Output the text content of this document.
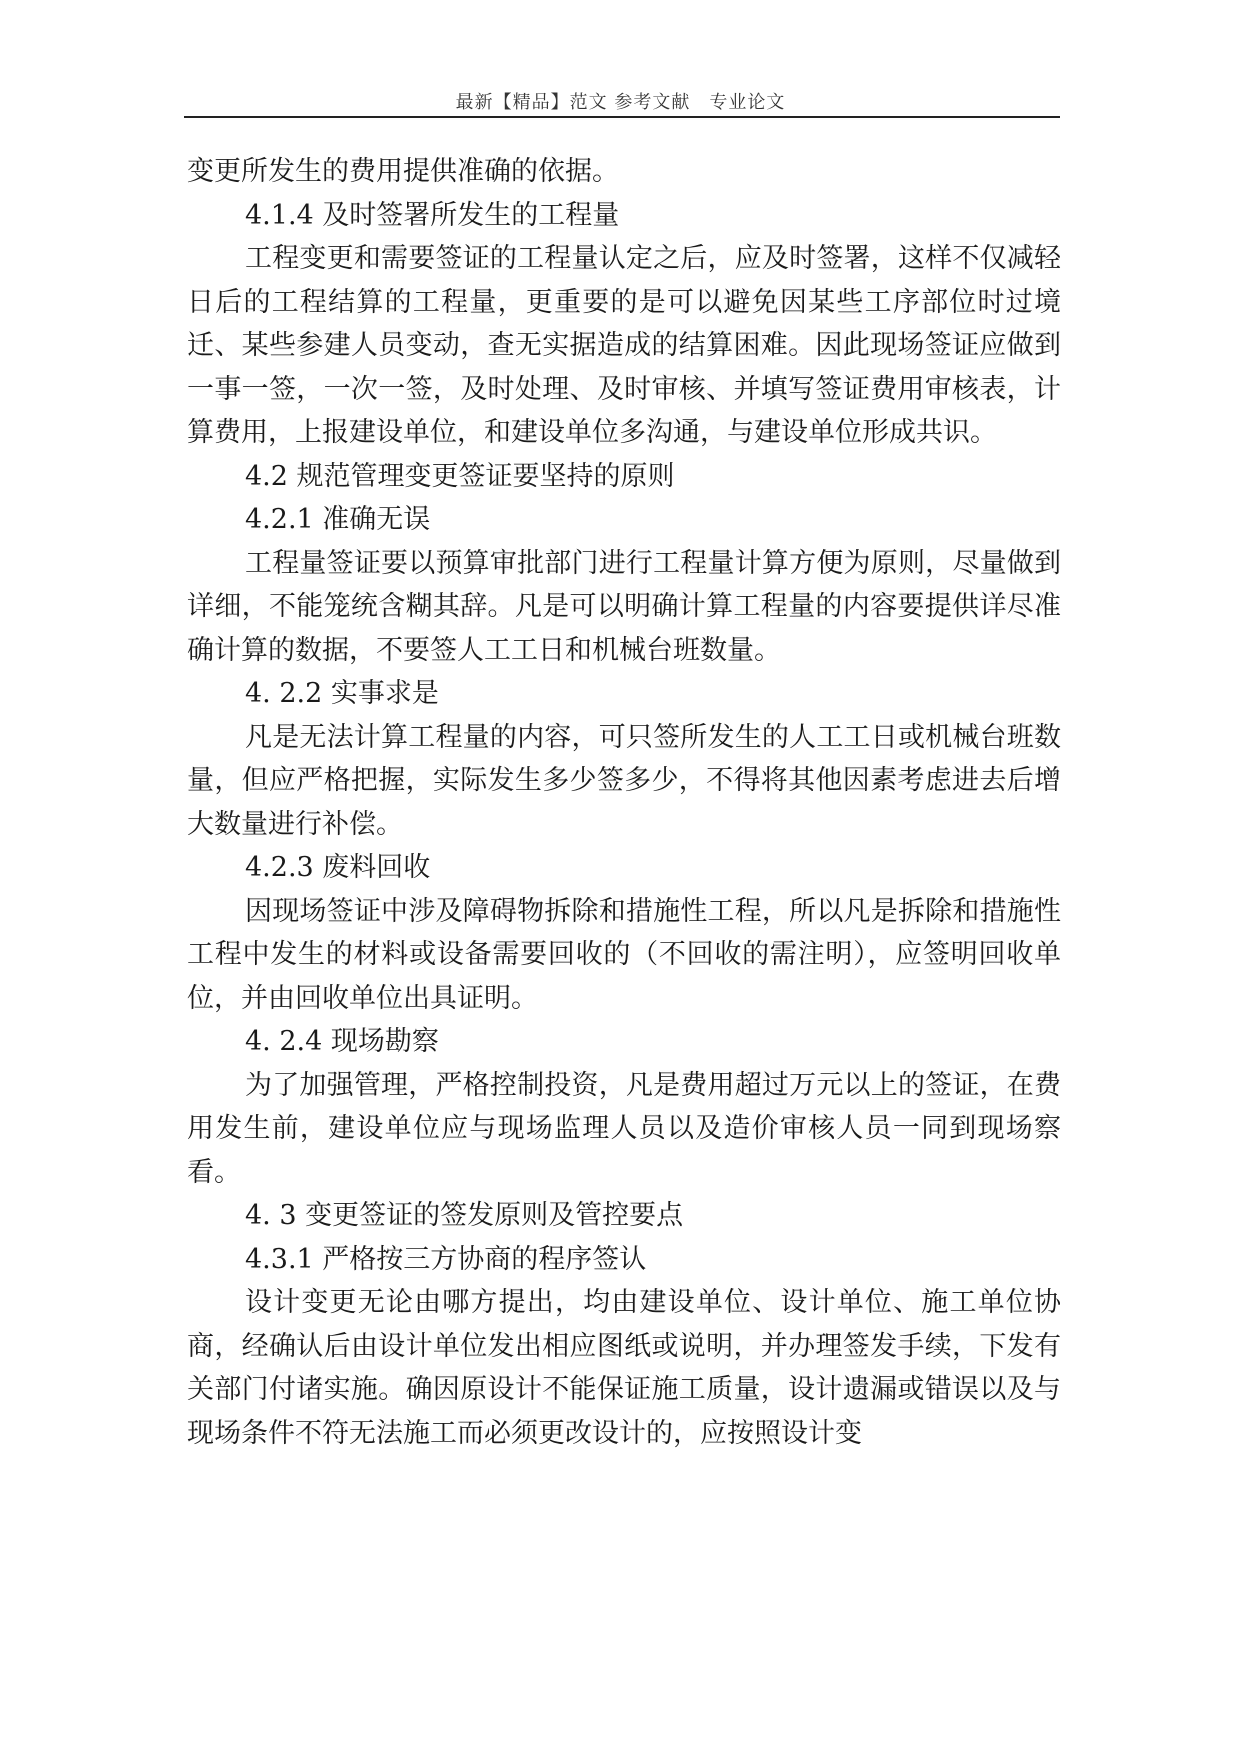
最新【精品】范文 参考文献　专业论文

变更所发生的费用提供准确的依据。

4.1.4 及时签署所发生的工程量

工程变更和需要签证的工程量认定之后，应及时签署，这样不仅减轻日后的工程结算的工程量，更重要的是可以避免因某些工序部位时过境迁、某些参建人员变动，查无实据造成的结算困难。因此现场签证应做到一事一签，一次一签，及时处理、及时审核、并填写签证费用审核表，计算费用，上报建设单位，和建设单位多沟通，与建设单位形成共识。

4.2 规范管理变更签证要坚持的原则

4.2.1 准确无误

工程量签证要以预算审批部门进行工程量计算方便为原则，尽量做到详细，不能笼统含糊其辞。凡是可以明确计算工程量的内容要提供详尽准确计算的数据，不要签人工工日和机械台班数量。

4. 2.2 实事求是

凡是无法计算工程量的内容，可只签所发生的人工工日或机械台班数量，但应严格把握，实际发生多少签多少，不得将其他因素考虑进去后增大数量进行补偿。

4.2.3 废料回收

因现场签证中涉及障碍物拆除和措施性工程，所以凡是拆除和措施性工程中发生的材料或设备需要回收的（不回收的需注明），应签明回收单位，并由回收单位出具证明。

4. 2.4 现场勘察

为了加强管理，严格控制投资，凡是费用超过万元以上的签证，在费用发生前，建设单位应与现场监理人员以及造价审核人员一同到现场察看。

4. 3 变更签证的签发原则及管控要点

4.3.1 严格按三方协商的程序签认

设计变更无论由哪方提出，均由建设单位、设计单位、施工单位协商，经确认后由设计单位发出相应图纸或说明，并办理签发手续，下发有关部门付诸实施。确因原设计不能保证施工质量，设计遗漏或错误以及与现场条件不符无法施工而必须更改设计的，应按照设计变
